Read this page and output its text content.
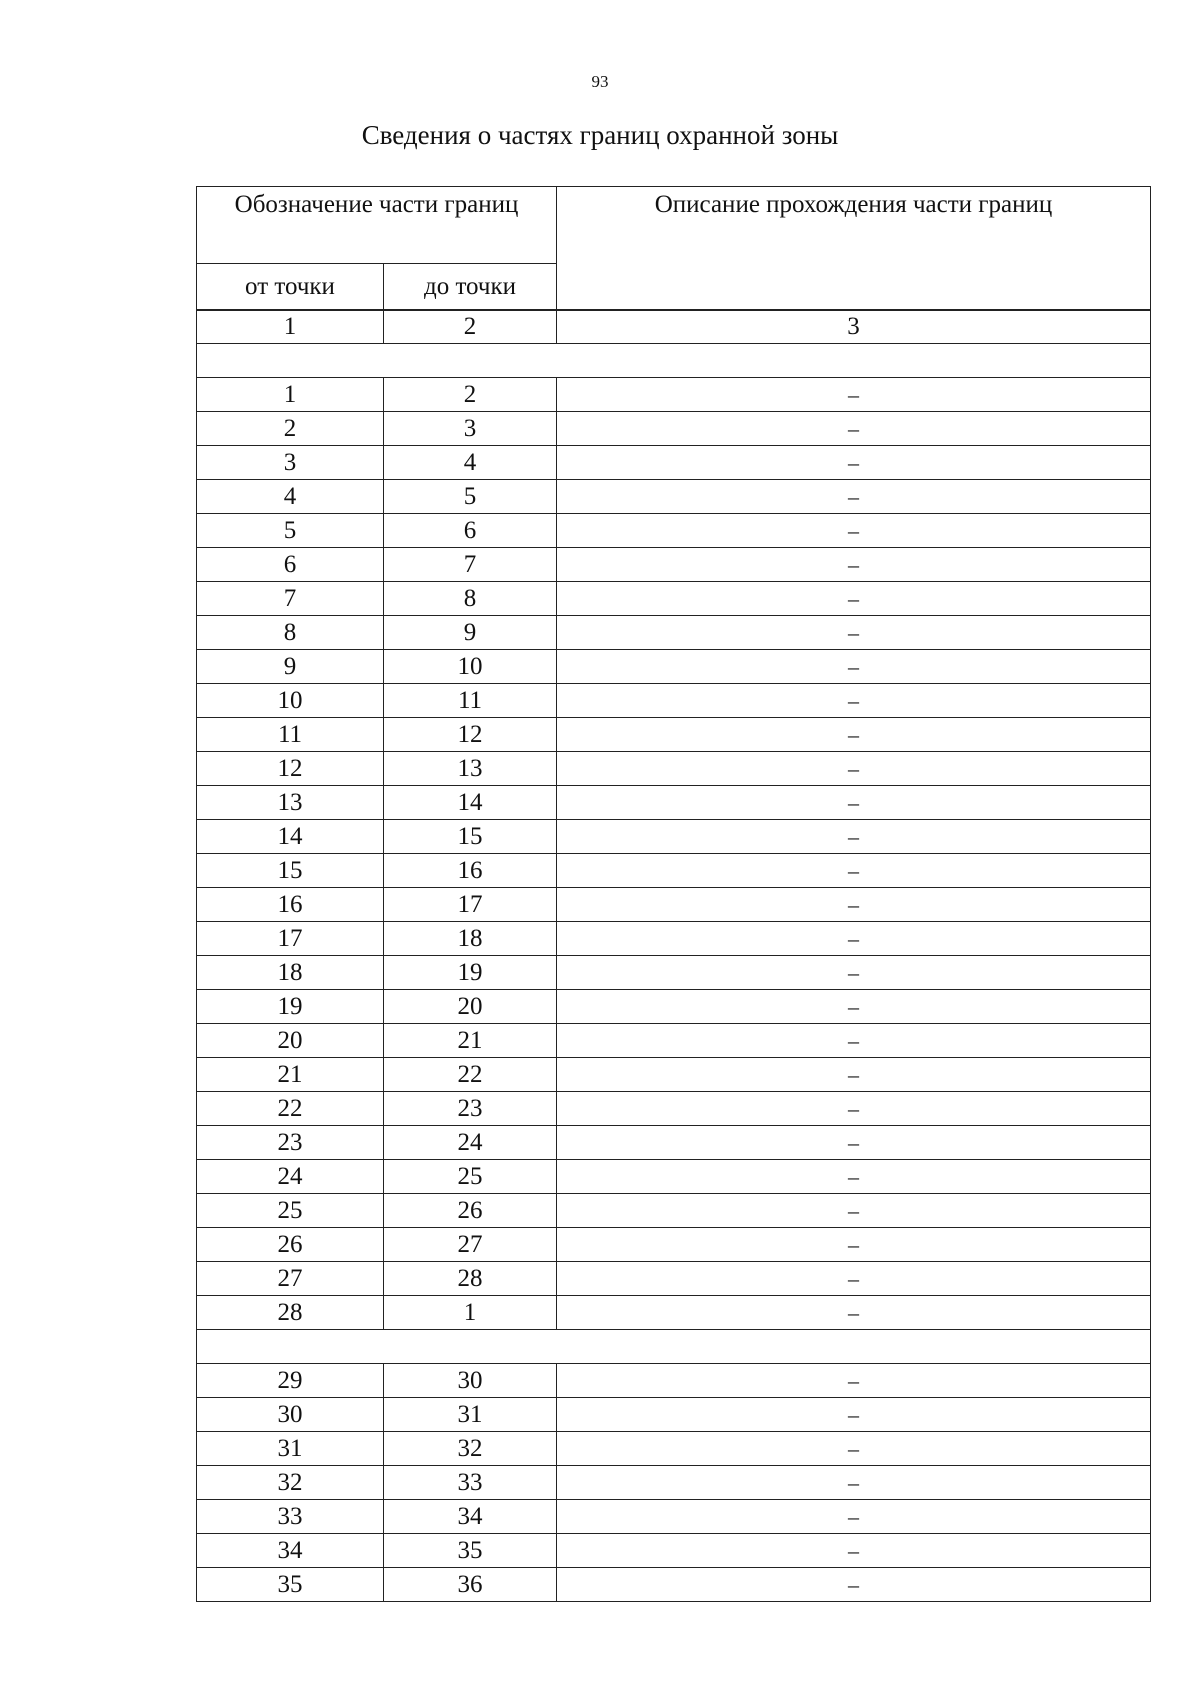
93
Сведения о частях границ охранной зоны
Обозначение части границ		Описание прохождения части границ
от точки	до точки	
1	2	3

1	2	–
2	3	–
3	4	–
4	5	–
5	6	–
6	7	–
7	8	–
8	9	–
9	10	–
10	11	–
11	12	–
12	13	–
13	14	–
14	15	–
15	16	–
16	17	–
17	18	–
18	19	–
19	20	–
20	21	–
21	22	–
22	23	–
23	24	–
24	25	–
25	26	–
26	27	–
27	28	–
28	1	–

29	30	–
30	31	–
31	32	–
32	33	–
33	34	–
34	35	–
35	36	–
